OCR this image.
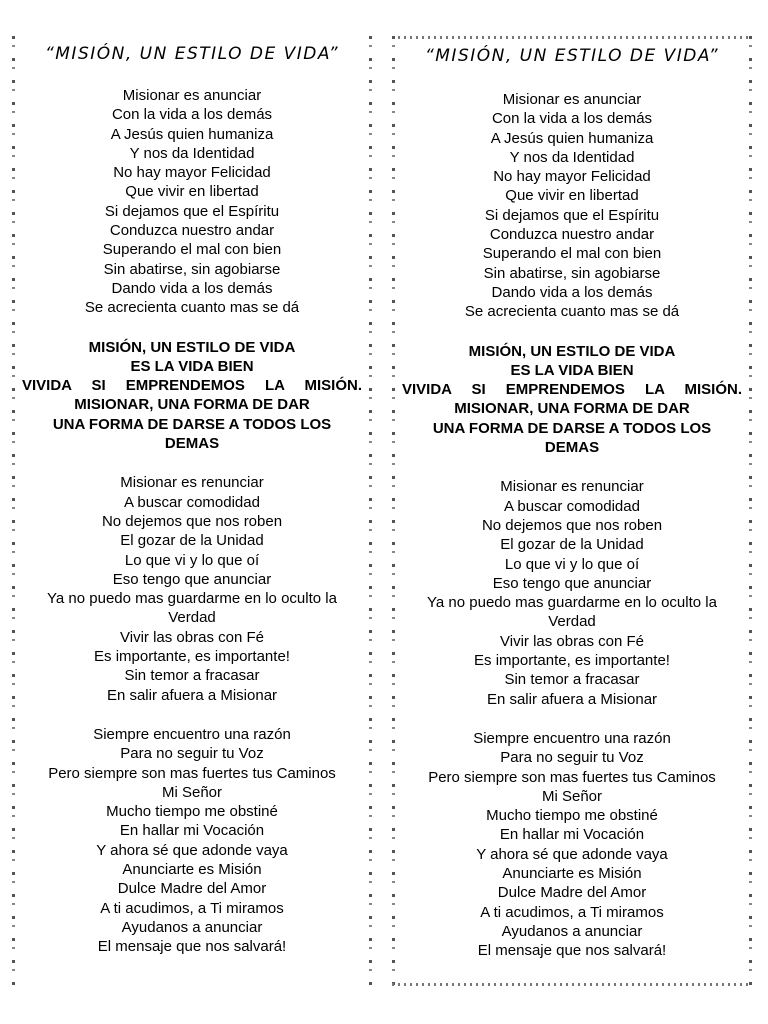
“MISIÓN, UN ESTILO DE VIDA”
Misionar es anunciar
Con la vida a los demás
A Jesús quien humaniza
Y nos da Identidad
No hay mayor Felicidad
Que vivir en libertad
Si dejamos que el Espíritu
Conduzca nuestro andar
Superando el mal con bien
Sin abatirse, sin agobiarse
Dando vida a los demás
Se acrecienta cuanto mas se dá
MISIÓN, UN ESTILO DE VIDA
ES LA VIDA BIEN
VIVIDA SI EMPRENDEMOS LA MISIÓN.
MISIONAR, UNA FORMA DE DAR
UNA FORMA DE DARSE A TODOS LOS
DEMAS
Misionar es renunciar
A buscar comodidad
No dejemos que nos roben
El gozar de la Unidad
Lo que vi y lo que oí
Eso tengo que anunciar
Ya no puedo mas guardarme en lo oculto la
Verdad
Vivir las obras con Fé
Es importante, es importante!
Sin temor a fracasar
En salir afuera a Misionar
Siempre encuentro una razón
Para no seguir tu Voz
Pero siempre son mas fuertes tus Caminos
Mi Señor
Mucho tiempo me obstiné
En hallar mi Vocación
Y ahora sé que adonde vaya
Anunciarte es Misión
Dulce Madre del Amor
A ti acudimos, a Ti miramos
Ayudanos a anunciar
El mensaje que nos salvará!
“MISIÓN, UN ESTILO DE VIDA”
Misionar es anunciar
Con la vida a los demás
A Jesús quien humaniza
Y nos da Identidad
No hay mayor Felicidad
Que vivir en libertad
Si dejamos que el Espíritu
Conduzca nuestro andar
Superando el mal con bien
Sin abatirse, sin agobiarse
Dando vida a los demás
Se acrecienta cuanto mas se dá
MISIÓN, UN ESTILO DE VIDA
ES LA VIDA BIEN
VIVIDA SI EMPRENDEMOS LA MISIÓN.
MISIONAR, UNA FORMA DE DAR
UNA FORMA DE DARSE A TODOS LOS
DEMAS
Misionar es renunciar
A buscar comodidad
No dejemos que nos roben
El gozar de la Unidad
Lo que vi y lo que oí
Eso tengo que anunciar
Ya no puedo mas guardarme en lo oculto la
Verdad
Vivir las obras con Fé
Es importante, es importante!
Sin temor a fracasar
En salir afuera a Misionar
Siempre encuentro una razón
Para no seguir tu Voz
Pero siempre son mas fuertes tus Caminos
Mi Señor
Mucho tiempo me obstiné
En hallar mi Vocación
Y ahora sé que adonde vaya
Anunciarte es Misión
Dulce Madre del Amor
A ti acudimos, a Ti miramos
Ayudanos a anunciar
El mensaje que nos salvará!
